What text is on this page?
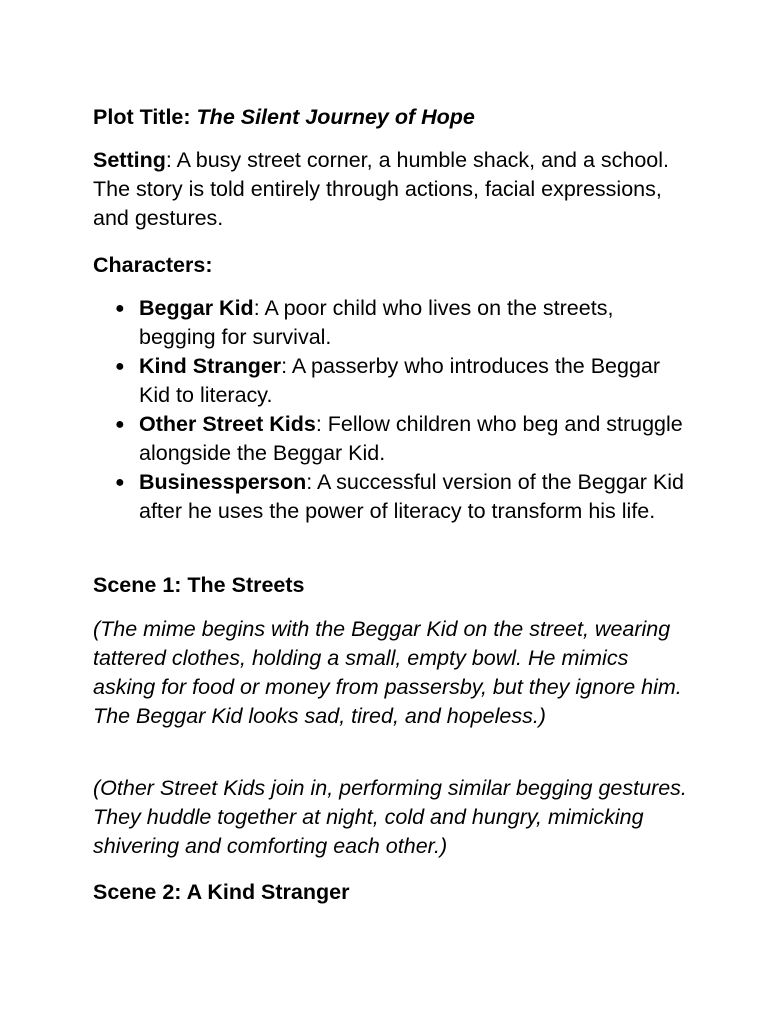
Plot Title: The Silent Journey of Hope

Setting: A busy street corner, a humble shack, and a school. The story is told entirely through actions, facial expressions, and gestures.

Characters:

● Beggar Kid: A poor child who lives on the streets, begging for survival.
● Kind Stranger: A passerby who introduces the Beggar Kid to literacy.
● Other Street Kids: Fellow children who beg and struggle alongside the Beggar Kid.
● Businessperson: A successful version of the Beggar Kid after he uses the power of literacy to transform his life.

Scene 1: The Streets

(The mime begins with the Beggar Kid on the street, wearing tattered clothes, holding a small, empty bowl. He mimics asking for food or money from passersby, but they ignore him. The Beggar Kid looks sad, tired, and hopeless.)

(Other Street Kids join in, performing similar begging gestures. They huddle together at night, cold and hungry, mimicking shivering and comforting each other.)

Scene 2: A Kind Stranger
